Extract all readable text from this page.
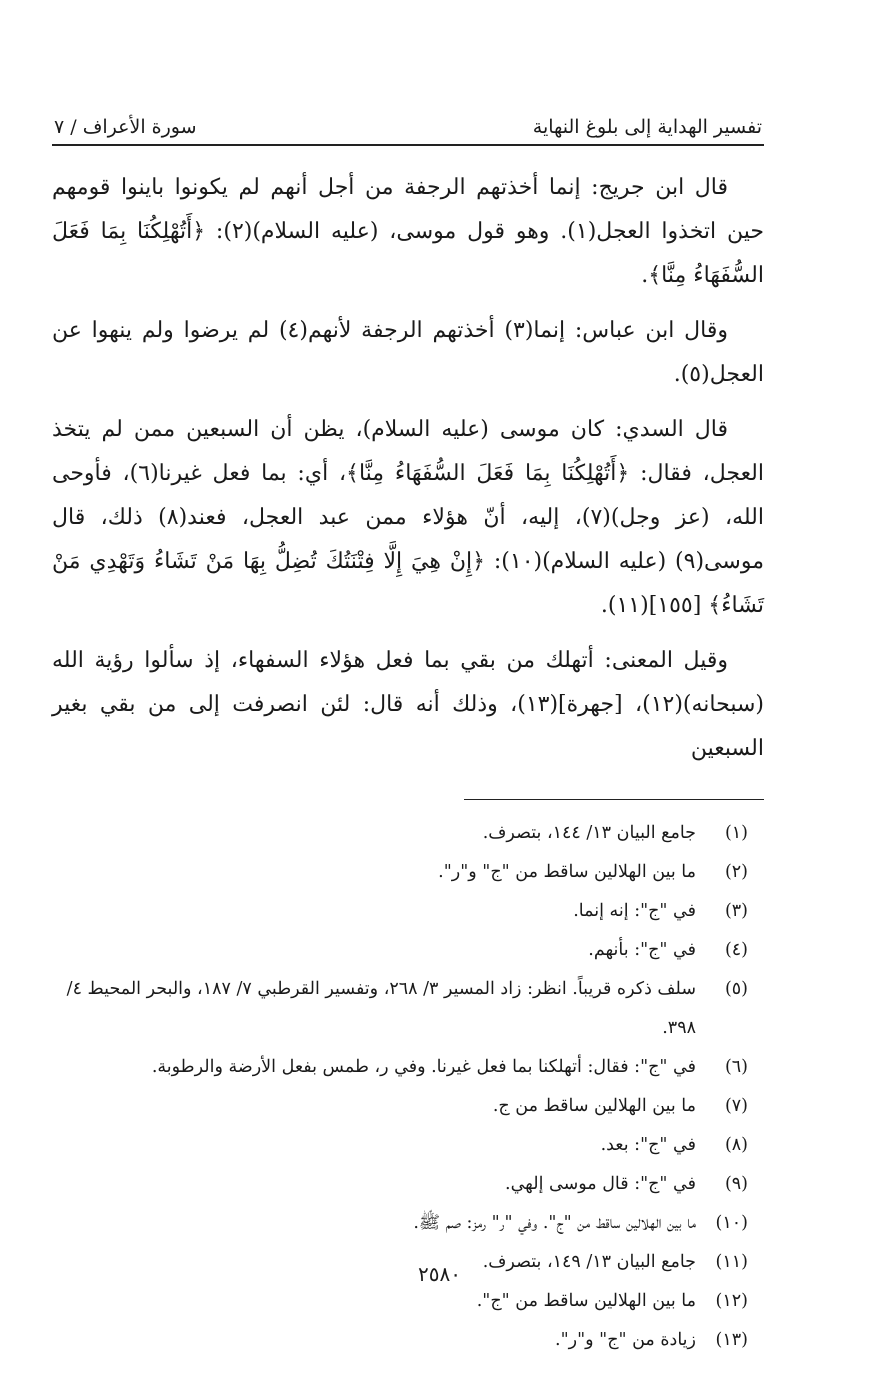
تفسير الهداية إلى بلوغ النهاية
سورة الأعراف / ٧

قال ابن جريج: إنما أخذتهم الرجفة من أجل أنهم لم يكونوا باينوا قومهم حين اتخذوا العجل(١). وهو قول موسى، (عليه السلام)(٢): ﴿أَتُهْلِكُنَا بِمَا فَعَلَ السُّفَهَاءُ مِنَّا﴾.

وقال ابن عباس: إنما(٣) أخذتهم الرجفة لأنهم(٤) لم يرضوا ولم ينهوا عن العجل(٥).

قال السدي: كان موسى (عليه السلام)، يظن أن السبعين ممن لم يتخذ العجل، فقال: ﴿أَتُهْلِكُنَا بِمَا فَعَلَ السُّفَهَاءُ مِنَّا﴾، أي: بما فعل غيرنا(٦)، فأوحى الله، (عز وجل)(٧)، إليه، أنّ هؤلاء ممن عبد العجل، فعند(٨) ذلك، قال موسى(٩) (عليه السلام)(١٠): ﴿إِنْ هِيَ إِلَّا فِتْنَتُكَ تُضِلُّ بِهَا مَنْ تَشَاءُ وَتَهْدِي مَنْ تَشَاءُ﴾ [١٥٥](١١).

وقيل المعنى: أتهلك من بقي بما فعل هؤلاء السفهاء، إذ سألوا رؤية الله (سبحانه)(١٢)، [جهرة](١٣)، وذلك أنه قال: لئن انصرفت إلى من بقي بغير السبعين

(١)
جامع البيان ١٣/ ١٤٤، بتصرف.
(٢)
ما بين الهلالين ساقط من "ج" و"ر".
(٣)
في "ج": إنه إنما.
(٤)
في "ج": بأنهم.
(٥)
سلف ذكره قريباً. انظر: زاد المسير ٣/ ٢٦٨، وتفسير القرطبي ٧/ ١٨٧، والبحر المحيط ٤/ ٣٩٨.
(٦)
في "ج": فقال: أتهلكنا بما فعل غيرنا. وفي ر، طمس بفعل الأرضة والرطوبة.
(٧)
ما بين الهلالين ساقط من ج.
(٨)
في "ج": بعد.
(٩)
في "ج": قال موسى إلهي.
(١٠)
ما بين الهلالين ساقط من "ج". وفي "ر" رمز: صم ﷺ.
(١١)
جامع البيان ١٣/ ١٤٩، بتصرف.
(١٢)
ما بين الهلالين ساقط من "ج".
(١٣)
زيادة من "ج" و"ر".
٢٥٨٠
